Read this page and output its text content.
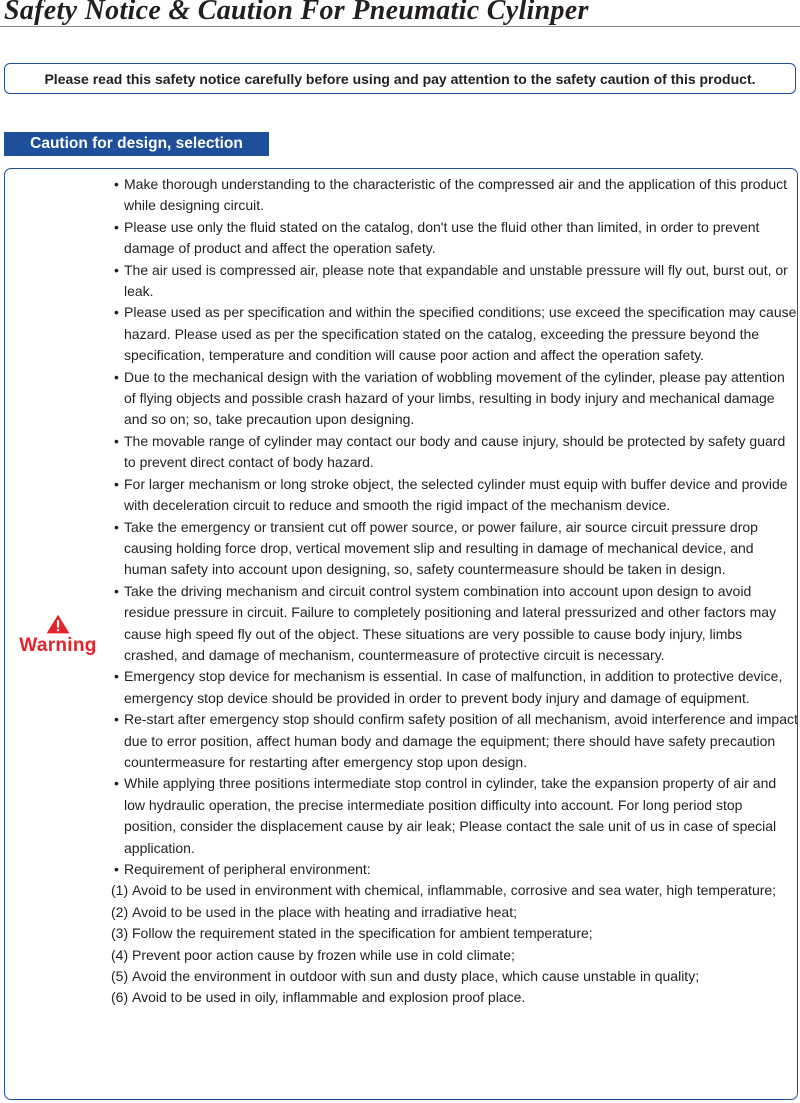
Safety Notice & Caution For Pneumatic Cylinper
Please read this safety notice carefully before using and pay attention to the safety caution of this product.
Caution for design, selection
Warning
• Make thorough understanding to the characteristic of the compressed air and the application of this product while designing circuit.
• Please use only the fluid stated on the catalog, don't use the fluid other than limited, in order to prevent damage of product and affect the operation safety.
• The air used is compressed air, please note that expandable and unstable pressure will fly out, burst out, or leak.
• Please used as per specification and within the specified conditions; use exceed the specification may cause hazard. Please used as per the specification stated on the catalog, exceeding the pressure beyond the specification, temperature and condition will cause poor action and affect the operation safety.
• Due to the mechanical design with the variation of wobbling movement of the cylinder, please pay attention of flying objects and possible crash hazard of your limbs, resulting in body injury and mechanical damage and so on; so, take precaution upon designing.
• The movable range of cylinder may contact our body and cause injury, should be protected by safety guard to prevent direct contact of body hazard.
• For larger mechanism or long stroke object, the selected cylinder must equip with buffer device and provide with deceleration circuit to reduce and smooth the rigid impact of the mechanism device.
• Take the emergency or transient cut off power source, or power failure, air source circuit pressure drop causing holding force drop, vertical movement slip and resulting in damage of mechanical device, and human safety into account upon designing, so, safety countermeasure should be taken in design.
• Take the driving mechanism and circuit control system combination into account upon design to avoid residue pressure in circuit. Failure to completely positioning and lateral pressurized and other factors may cause high speed fly out of the object. These situations are very possible to cause body injury, limbs crashed, and damage of mechanism, countermeasure of protective circuit is necessary.
• Emergency stop device for mechanism is essential. In case of malfunction, in addition to protective device, emergency stop device should be provided in order to prevent body injury and damage of equipment.
• Re-start after emergency stop should confirm safety position of all mechanism, avoid interference and impact due to error position, affect human body and damage the equipment; there should have safety precaution countermeasure for restarting after emergency stop upon design.
• While applying three positions intermediate stop control in cylinder, take the expansion property of air and low hydraulic operation, the precise intermediate position difficulty into account. For long period stop position, consider the displacement cause by air leak; Please contact the sale unit of us in case of special application.
• Requirement of peripheral environment:
(1) Avoid to be used in environment with chemical, inflammable, corrosive and sea water, high temperature;
(2) Avoid to be used in the place with heating and irradiative heat;
(3) Follow the requirement stated in the specification for ambient temperature;
(4) Prevent poor action cause by frozen while use in cold climate;
(5) Avoid the environment in outdoor with sun and dusty place, which cause unstable in quality;
(6) Avoid to be used in oily, inflammable and explosion proof place.
